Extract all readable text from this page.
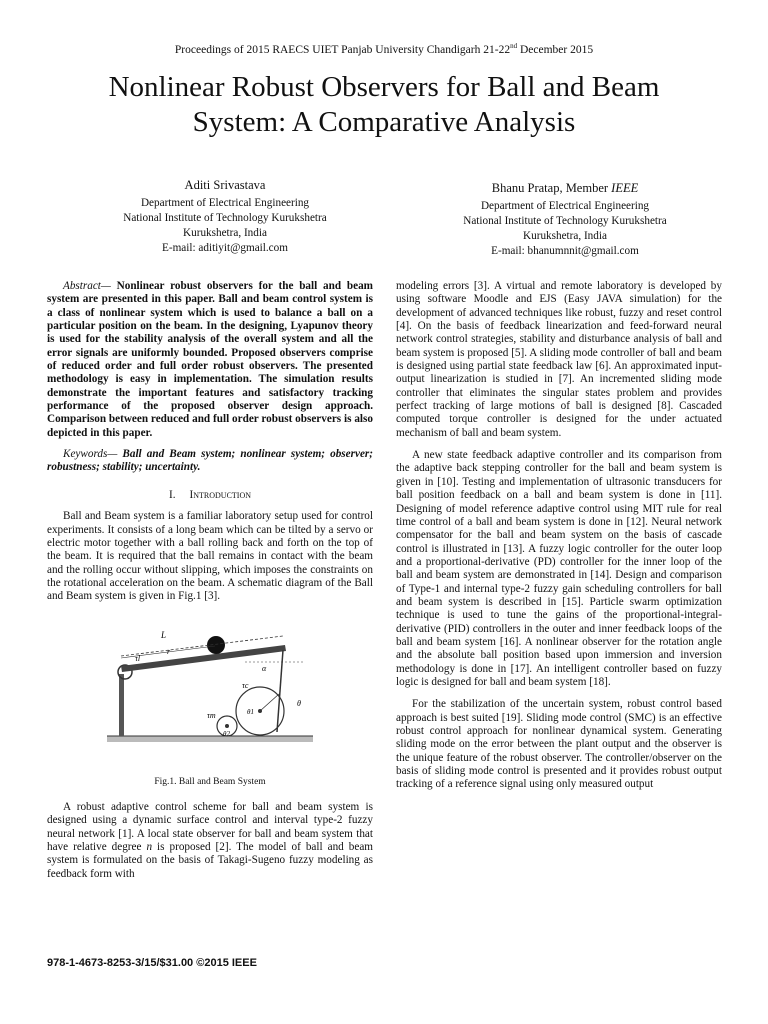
Proceedings of 2015 RAECS UIET Panjab University Chandigarh 21-22nd December 2015
Nonlinear Robust Observers for Ball and Beam
System: A Comparative Analysis
Aditi Srivastava
Department of Electrical Engineering
National Institute of Technology Kurukshetra
Kurukshetra, India
E-mail: aditiyit@gmail.com
Bhanu Pratap, Member IEEE
Department of Electrical Engineering
National Institute of Technology Kurukshetra
Kurukshetra, India
E-mail: bhanumnnit@gmail.com

Abstract— Nonlinear robust observers for the ball and beam system are presented in this paper. Ball and beam control system is a class of nonlinear system which is used to balance a ball on a particular position on the beam. In the designing, Lyapunov theory is used for the stability analysis of the overall system and all the error signals are uniformly bounded. Proposed observers comprise of reduced order and full order robust observers. The presented methodology is easy in implementation. The simulation results demonstrate the important features and satisfactory tracking performance of the proposed observer design approach. Comparison between reduced and full order robust observers is also depicted in this paper.

Keywords— Ball and Beam system; nonlinear system; observer; robustness; stability; uncertainty.

I. Introduction

Ball and Beam system is a familiar laboratory setup used for control experiments. It consists of a long beam which can be tilted by a servo or electric motor together with a ball rolling back and forth on the top of the beam. It is required that the ball remains in contact with the beam and the rolling occur without slipping, which imposes the constraints on the rotational acceleration on the beam. A schematic diagram of the Ball and Beam system is given in Fig.1 [3].

L
r
τl
α
τc
τm	θ1
θ2
θ
Fig.1. Ball and Beam System

A robust adaptive control scheme for ball and beam system is designed using a dynamic surface control and interval type-2 fuzzy neural network [1]. A local state observer for ball and beam system that have relative degree n is proposed [2]. The model of ball and beam system is formulated on the basis of Takagi-Sugeno fuzzy modeling as feedback form with

modeling errors [3]. A virtual and remote laboratory is developed by using software Moodle and EJS (Easy JAVA simulation) for the development of advanced techniques like robust, fuzzy and reset control [4]. On the basis of feedback linearization and feed-forward neural network control strategies, stability and disturbance analysis of ball and beam system is proposed [5]. A sliding mode controller of ball and beam is designed using partial state feedback law [6]. An approximated input-output linearization is studied in [7]. An incremented sliding mode controller that eliminates the singular states problem and provides perfect tracking of large motions of ball is designed [8]. Cascaded computed torque controller is designed for the under actuated mechanism of ball and beam system.

A new state feedback adaptive controller and its comparison from the adaptive back stepping controller for the ball and beam system is given in [10]. Testing and implementation of ultrasonic transducers for ball position feedback on a ball and beam system is done in [11]. Designing of model reference adaptive control using MIT rule for real time control of a ball and beam system is done in [12]. Neural network compensator for the ball and beam system on the basis of cascade control is illustrated in [13]. A fuzzy logic controller for the outer loop and a proportional-derivative (PD) controller for the inner loop of the ball and beam system are demonstrated in [14]. Design and comparison of Type-1 and internal type-2 fuzzy gain scheduling controllers for ball and beam system is described in [15]. Particle swarm optimization technique is used to tune the gains of the proportional-integral-derivative (PID) controllers in the outer and inner feedback loops of the ball and beam system [16]. A nonlinear observer for the rotation angle and the absolute ball position based upon immersion and inversion methodology is done in [17]. An intelligent controller based on fuzzy logic is designed for ball and beam system [18].

For the stabilization of the uncertain system, robust control based approach is best suited [19]. Sliding mode control (SMC) is an effective robust control approach for nonlinear dynamical system. Generating sliding mode on the error between the plant output and the observer is the unique feature of the robust observer. The controller/observer on the basis of sliding mode control is presented and it provides robust output tracking of a reference signal using only measured output

978-1-4673-8253-3/15/$31.00 ©2015 IEEE
